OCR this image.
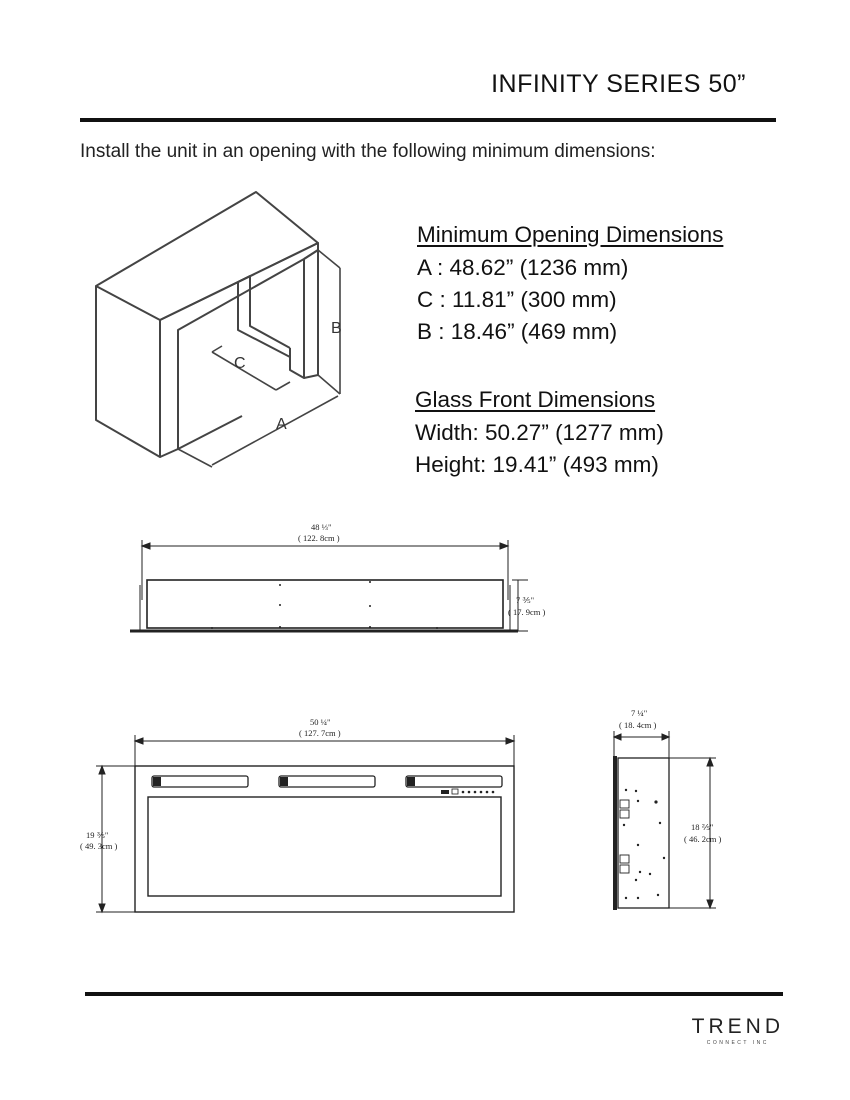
INFINITY SERIES 50”
Install the unit in an opening with the following minimum dimensions:
Minimum Opening Dimensions
A : 48.62” (1236 mm)
C : 11.81” (300 mm)
B : 18.46” (469 mm)
Glass Front Dimensions
Width: 50.27” (1277 mm)
Height: 19.41” (493 mm)
A
B
C
48 ⅓"
( 122. 8cm )
7 ⅗"
( 17. 9cm )
50 ¼"
( 127. 7cm )
19 ⅗"
( 49. 3cm )
7 ¼"
( 18. 4cm )
18 ⅖"
( 46. 2cm )
TREND
CONNECT INC
